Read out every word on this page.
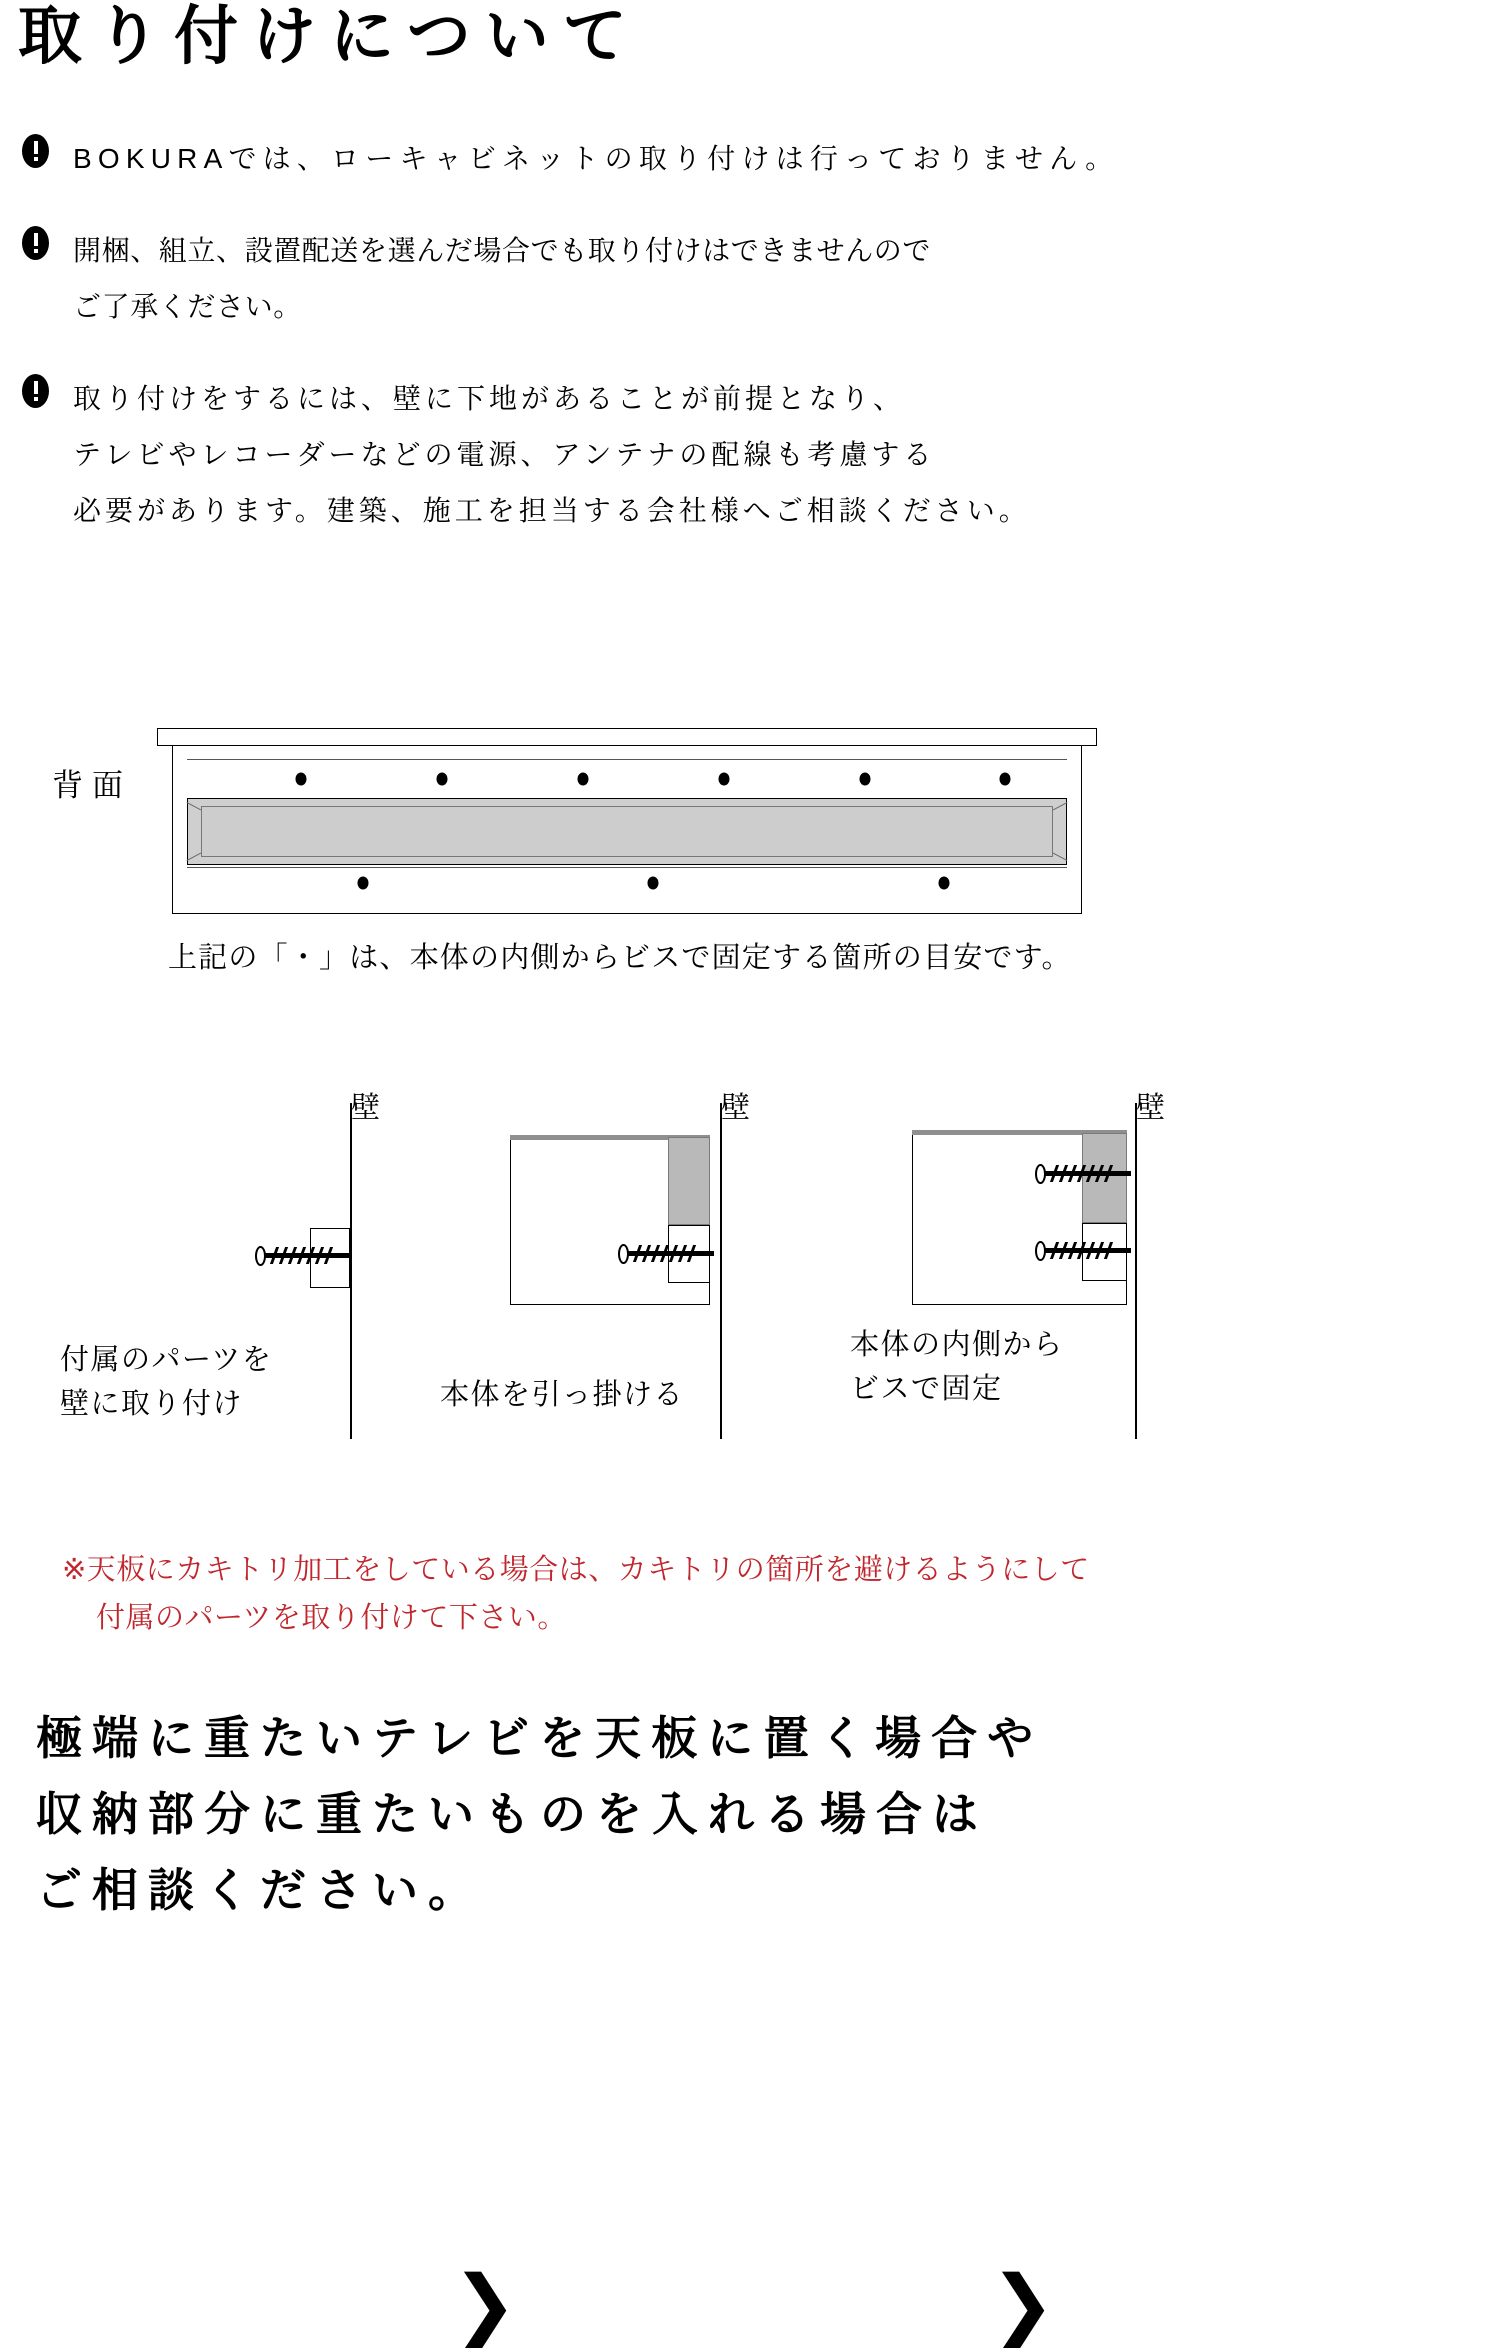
取り付けについて
BOKURAでは、ローキャビネットの取り付けは行っておりません。
開梱、組立、設置配送を選んだ場合でも取り付けはできませんので
ご了承ください。
取り付けをするには、壁に下地があることが前提となり、
テレビやレコーダーなどの電源、アンテナの配線も考慮する
必要があります。建築、施工を担当する会社様へご相談ください。
背面
上記の「・」は、本体の内側からビスで固定する箇所の目安です。
壁
付属のパーツを
壁に取り付け
❯
壁
本体を引っ掛ける
❯
壁
本体の内側から
ビスで固定
※天板にカキトリ加工をしている場合は、カキトリの箇所を避けるようにして
付属のパーツを取り付けて下さい。
極端に重たいテレビを天板に置く場合や
収納部分に重たいものを入れる場合は
ご相談ください。
